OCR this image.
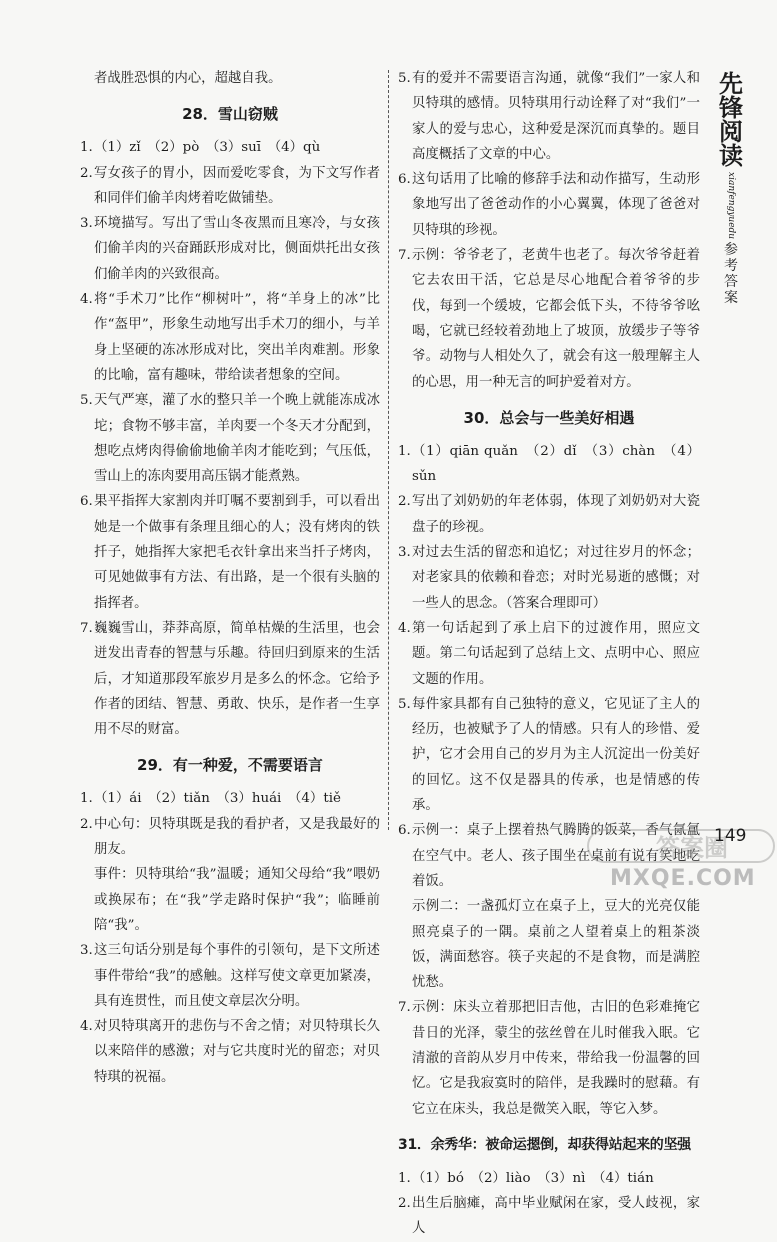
者战胜恐惧的内心，超越自我。
28．雪山窃贼
1. （1）zǐ　（2）pò　（3）suī　（4）qù
2. 写女孩子的胃小，因而爱吃零食，为下文写作者和同伴们偷羊肉烤着吃做铺垫。
3. 环境描写。写出了雪山冬夜黑而且寒冷，与女孩们偷羊肉的兴奋踊跃形成对比，侧面烘托出女孩们偷羊肉的兴致很高。
4. 将“手术刀”比作“柳树叶”，将“羊身上的冰”比作“盔甲”，形象生动地写出手术刀的细小，与羊身上坚硬的冻冰形成对比，突出羊肉难割。形象的比喻，富有趣味，带给读者想象的空间。
5. 天气严寒，灌了水的整只羊一个晚上就能冻成冰坨；食物不够丰富，羊肉要一个冬天才分配到，想吃点烤肉得偷偷地偷羊肉才能吃到；气压低，雪山上的冻肉要用高压锅才能煮熟。
6. 果平指挥大家割肉并叮嘱不要割到手，可以看出她是一个做事有条理且细心的人；没有烤肉的铁扦子，她指挥大家把毛衣针拿出来当扦子烤肉，可见她做事有方法、有出路，是一个很有头脑的指挥者。
7. 巍巍雪山，莽莽高原，简单枯燥的生活里，也会迸发出青春的智慧与乐趣。待回归到原来的生活后，才知道那段军旅岁月是多么的怀念。它给予作者的团结、智慧、勇敢、快乐，是作者一生享用不尽的财富。
29．有一种爱，不需要语言
1. （1）ái　（2）tiǎn　（3）huái　（4）tiě
2. 中心句：贝特琪既是我的看护者，又是我最好的朋友。
事件：贝特琪给“我”温暖；通知父母给“我”喂奶或换尿布；在“我”学走路时保护“我”；临睡前陪“我”。
3. 这三句话分别是每个事件的引领句，是下文所述事件带给“我”的感触。这样写使文章更加紧凑，具有连贯性，而且使文章层次分明。
4. 对贝特琪离开的悲伤与不舍之情；对贝特琪长久以来陪伴的感激；对与它共度时光的留恋；对贝特琪的祝福。
5. 有的爱并不需要语言沟通，就像“我们”一家人和贝特琪的感情。贝特琪用行动诠释了对“我们”一家人的爱与忠心，这种爱是深沉而真挚的。题目高度概括了文章的中心。
6. 这句话用了比喻的修辞手法和动作描写，生动形象地写出了爸爸动作的小心翼翼，体现了爸爸对贝特琪的珍视。
7. 示例：爷爷老了，老黄牛也老了。每次爷爷赶着它去农田干活，它总是尽心地配合着爷爷的步伐，每到一个缓坡，它都会低下头，不待爷爷吆喝，它就已经较着劲地上了坡顶，放缓步子等爷爷。动物与人相处久了，就会有这一般理解主人的心思，用一种无言的呵护爱着对方。
30．总会与一些美好相遇
1. （1）qiān quǎn　（2）dǐ　（3）chàn　（4）sǔn
2. 写出了刘奶奶的年老体弱，体现了刘奶奶对大瓷盘子的珍视。
3. 对过去生活的留恋和追忆；对过往岁月的怀念；对老家具的依赖和眷恋；对时光易逝的感慨；对一些人的思念。（答案合理即可）
4. 第一句话起到了承上启下的过渡作用，照应文题。第二句话起到了总结上文、点明中心、照应文题的作用。
5. 每件家具都有自己独特的意义，它见证了主人的经历，也被赋予了人的情感。只有人的珍惜、爱护，它才会用自己的岁月为主人沉淀出一份美好的回忆。这不仅是器具的传承，也是情感的传承。
6. 示例一：桌子上摆着热气腾腾的饭菜，香气氤氲在空气中。老人、孩子围坐在桌前有说有笑地吃着饭。
示例二：一盏孤灯立在桌子上，豆大的光亮仅能照亮桌子的一隅。桌前之人望着桌上的粗茶淡饭，满面愁容。筷子夹起的不是食物，而是满腔忧愁。
7. 示例：床头立着那把旧吉他，古旧的色彩难掩它昔日的光泽，蒙尘的弦丝曾在儿时催我入眠。它清澈的音韵从岁月中传来，带给我一份温馨的回忆。它是我寂寞时的陪伴，是我躁时的慰藉。有它立在床头，我总是微笑入眠，等它入梦。
31．余秀华：被命运摁倒，却获得站起来的坚强
1. （1）bó　（2）liào　（3）nì　（4）tián
2. 出生后脑瘫，高中毕业赋闲在家，受人歧视，家人
先锋阅读
xianfengyuedu
参考答案
答案圈
MXQE.COM
149
